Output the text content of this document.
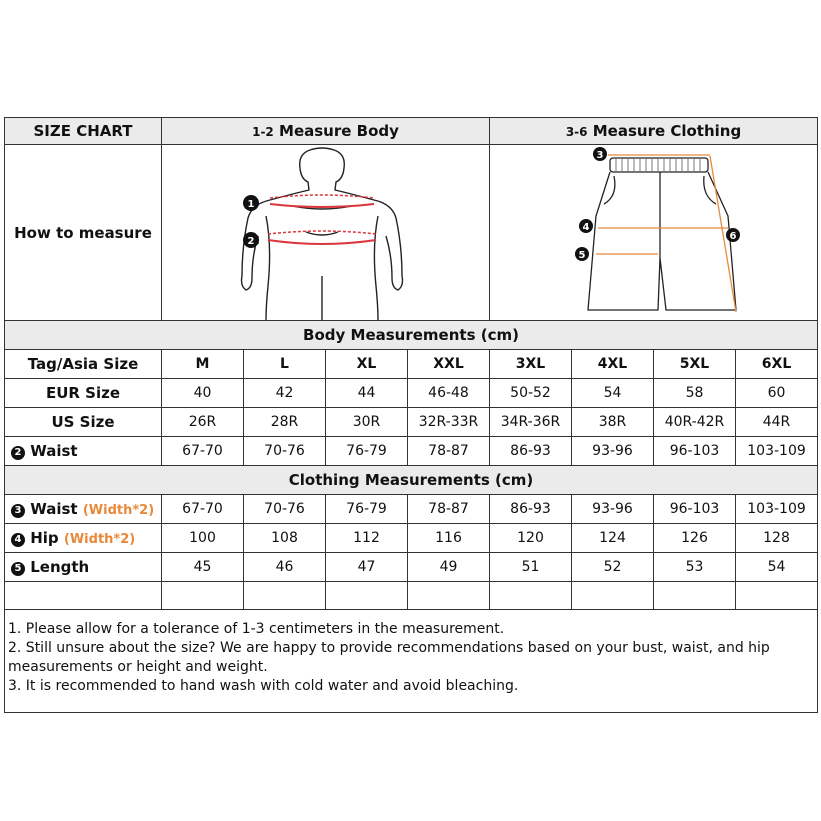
SIZE CHART	1-2 Measure Body				3-6 Measure Clothing			
How to measure	1
2				3
4
5
6			

Body Measurements (cm)								
Tag/Asia Size	M	L	XL	XXL	3XL	4XL	5XL	6XL
EUR Size	40	42	44	46-48	50-52	54	58	60
US Size	26R	28R	30R	32R-33R	34R-36R	38R	40R-42R	44R
2 Waist	67-70	70-76	76-79	78-87	86-93	93-96	96-103	103-109
Clothing Measurements (cm)								
3 Waist (Width*2)	67-70	70-76	76-79	78-87	86-93	93-96	96-103	103-109
4 Hip (Width*2)	100	108	112	116	120	124	126	128
5 Length	45	46	47	49	51	52	53	54

1. Please allow for a tolerance of 1-3 centimeters in the measurement.
2. Still unsure about the size? We are happy to provide recommendations based on your bust, waist, and hip measurements or height and weight.
3. It is recommended to hand wash with cold water and avoid bleaching.
